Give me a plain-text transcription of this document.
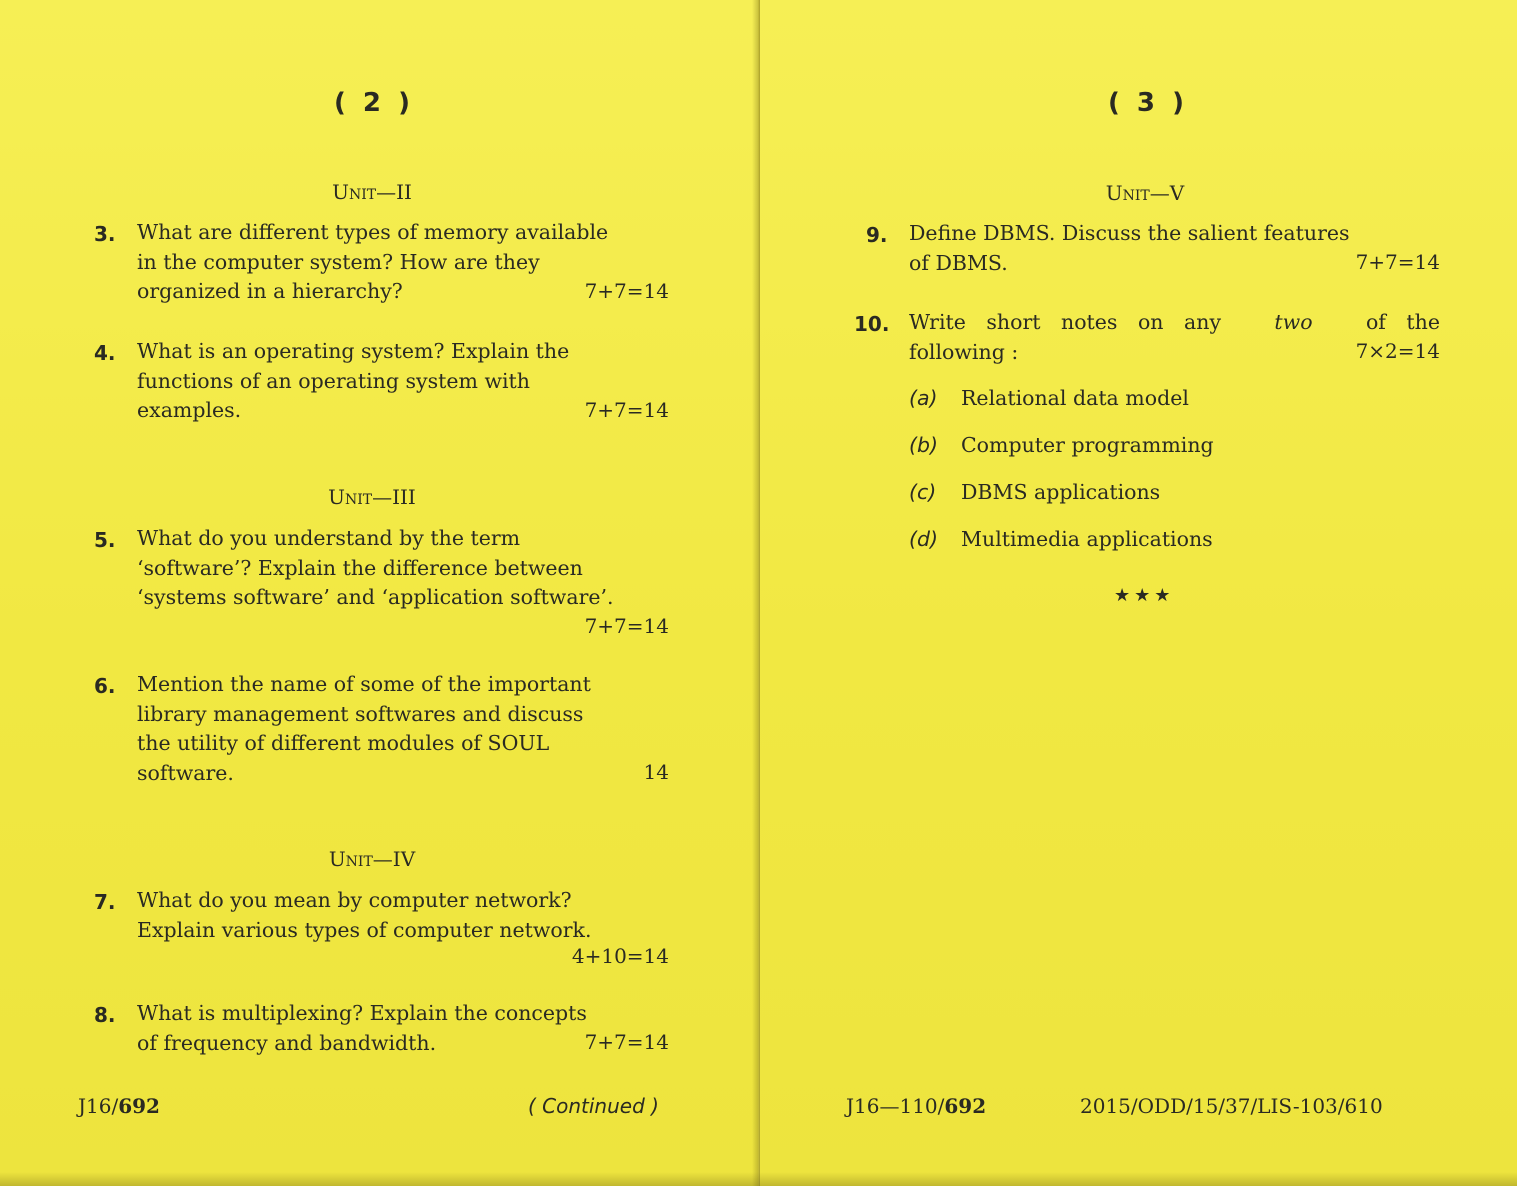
( 2 )
Unit—II
3. What are different types of memory available
in the computer system? How are they
organized in a hierarchy?	7+7=14
4. What is an operating system? Explain the
functions of an operating system with
examples.	7+7=14
Unit—III
5. What do you understand by the term
‘software’? Explain the difference between
‘systems software’ and ‘application software’.
7+7=14
6. Mention the name of some of the important
library management softwares and discuss
the utility of different modules of SOUL
software.	14
Unit—IV
7. What do you mean by computer network?
Explain various types of computer network.
4+10=14
8. What is multiplexing? Explain the concepts
of frequency and bandwidth.	7+7=14
J16/692	( Continued )
( 3 )
Unit—V
9. Define DBMS. Discuss the salient features
of DBMS.	7+7=14
10. Write short notes on any	two	of the
following :	7×2=14
(a) Relational data model
(b) Computer programming
(c) DBMS applications
(d) Multimedia applications
★★★
J16—110/692	2015/ODD/15/37/LIS-103/610
